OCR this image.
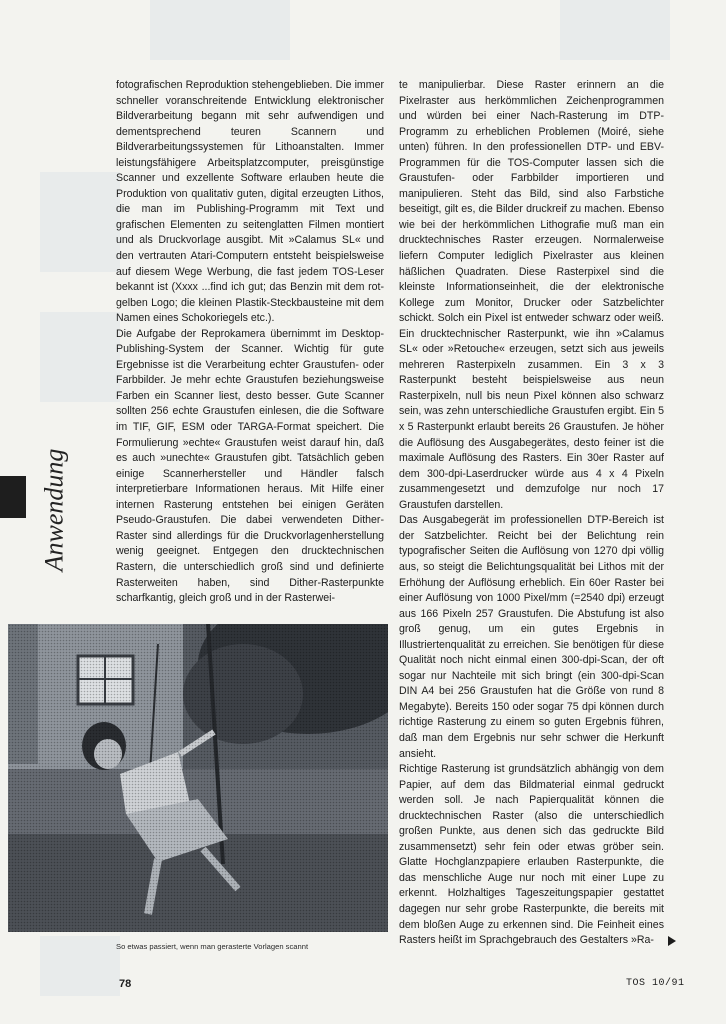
Anwendung

fotografischen Reproduktion stehengeblieben. Die immer schneller voranschreitende Entwicklung elektronischer Bildverarbeitung begann mit sehr aufwendigen und dementsprechend teuren Scannern und Bildverarbeitungssystemen für Lithoanstalten. Immer leistungsfähigere Arbeitsplatzcomputer, preisgünstige Scanner und exzellente Software erlauben heute die Produktion von qualitativ guten, digital erzeugten Lithos, die man im Publishing-Programm mit Text und grafischen Elementen zu seitenglatten Filmen montiert und als Druckvorlage ausgibt. Mit »Calamus SL« und den vertrauten Atari-Computern entsteht beispielsweise auf diesem Wege Werbung, die fast jedem TOS-Leser bekannt ist (Xxxx ...find ich gut; das Benzin mit dem rot-gelben Logo; die kleinen Plastik-Steckbausteine mit dem Namen eines Schokoriegels etc.).

Die Aufgabe der Reprokamera übernimmt im Desktop-Publishing-System der Scanner. Wichtig für gute Ergebnisse ist die Verarbeitung echter Graustufen- oder Farbbilder. Je mehr echte Graustufen beziehungsweise Farben ein Scanner liest, desto besser. Gute Scanner sollten 256 echte Graustufen einlesen, die die Software im TIF, GIF, ESM oder TARGA-Format speichert. Die Formulierung »echte« Graustufen weist darauf hin, daß es auch »unechte« Graustufen gibt. Tatsächlich geben einige Scannerhersteller und Händler falsch interpretierbare Informationen heraus. Mit Hilfe einer internen Rasterung entstehen bei einigen Geräten Pseudo-Graustufen. Die dabei verwendeten Dither-Raster sind allerdings für die Druckvorlagenherstellung wenig geeignet. Entgegen den drucktechnischen Rastern, die unterschiedlich groß sind und definierte Rasterweiten haben, sind Dither-Rasterpunkte scharfkantig, gleich groß und in der Rasterwei-

te manipulierbar. Diese Raster erinnern an die Pixelraster aus herkömmlichen Zeichenprogrammen und würden bei einer Nach-Rasterung im DTP-Programm zu erheblichen Problemen (Moiré, siehe unten) führen. In den professionellen DTP- und EBV-Programmen für die TOS-Computer lassen sich die Graustufen- oder Farbbilder importieren und manipulieren. Steht das Bild, sind also Farbstiche beseitigt, gilt es, die Bilder druckreif zu machen. Ebenso wie bei der herkömmlichen Lithografie muß man ein drucktechnisches Raster erzeugen. Normalerweise liefern Computer lediglich Pixelraster aus kleinen häßlichen Quadraten. Diese Rasterpixel sind die kleinste Informationseinheit, die der elektronische Kollege zum Monitor, Drucker oder Satzbelichter schickt. Solch ein Pixel ist entweder schwarz oder weiß. Ein drucktechnischer Rasterpunkt, wie ihn »Calamus SL« oder »Retouche« erzeugen, setzt sich aus jeweils mehreren Rasterpixeln zusammen. Ein 3 x 3 Rasterpunkt besteht beispielsweise aus neun Rasterpixeln, null bis neun Pixel können also schwarz sein, was zehn unterschiedliche Graustufen ergibt. Ein 5 x 5 Rasterpunkt erlaubt bereits 26 Graustufen. Je höher die Auflösung des Ausgabegerätes, desto feiner ist die maximale Auflösung des Rasters. Ein 30er Raster auf dem 300-dpi-Laserdrucker würde aus 4 x 4 Pixeln zusammengesetzt und demzufolge nur noch 17 Graustufen darstellen.

Das Ausgabegerät im professionellen DTP-Bereich ist der Satzbelichter. Reicht bei der Belichtung rein typografischer Seiten die Auflösung von 1270 dpi völlig aus, so steigt die Belichtungsqualität bei Lithos mit der Erhöhung der Auflösung erheblich. Ein 60er Raster bei einer Auflösung von 1000 Pixel/mm (=2540 dpi) erzeugt aus 166 Pixeln 257 Graustufen. Die Abstufung ist also groß genug, um ein gutes Ergebnis in Illustriertenqualität zu erreichen. Sie benötigen für diese Qualität noch nicht einmal einen 300-dpi-Scan, der oft sogar nur Nachteile mit sich bringt (ein 300-dpi-Scan DIN A4 bei 256 Graustufen hat die Größe von rund 8 Megabyte). Bereits 150 oder sogar 75 dpi können durch richtige Rasterung zu einem so guten Ergebnis führen, daß man dem Ergebnis nur sehr schwer die Herkunft ansieht.

Richtige Rasterung ist grundsätzlich abhängig von dem Papier, auf dem das Bildmaterial einmal gedruckt werden soll. Je nach Papierqualität können die drucktechnischen Raster (also die unterschiedlich großen Punkte, aus denen sich das gedruckte Bild zusammensetzt) sehr fein oder etwas gröber sein. Glatte Hochglanzpapiere erlauben Rasterpunkte, die das menschliche Auge nur noch mit einer Lupe zu erkennt. Holzhaltiges Tageszeitungspapier gestattet dagegen nur sehr grobe Rasterpunkte, die bereits mit dem bloßen Auge zu erkennen sind. Die Feinheit eines Rasters heißt im Sprachgebrauch des Gestalters »Ra-

So etwas passiert, wenn man gerasterte Vorlagen scannt
78	TOS 10/91
